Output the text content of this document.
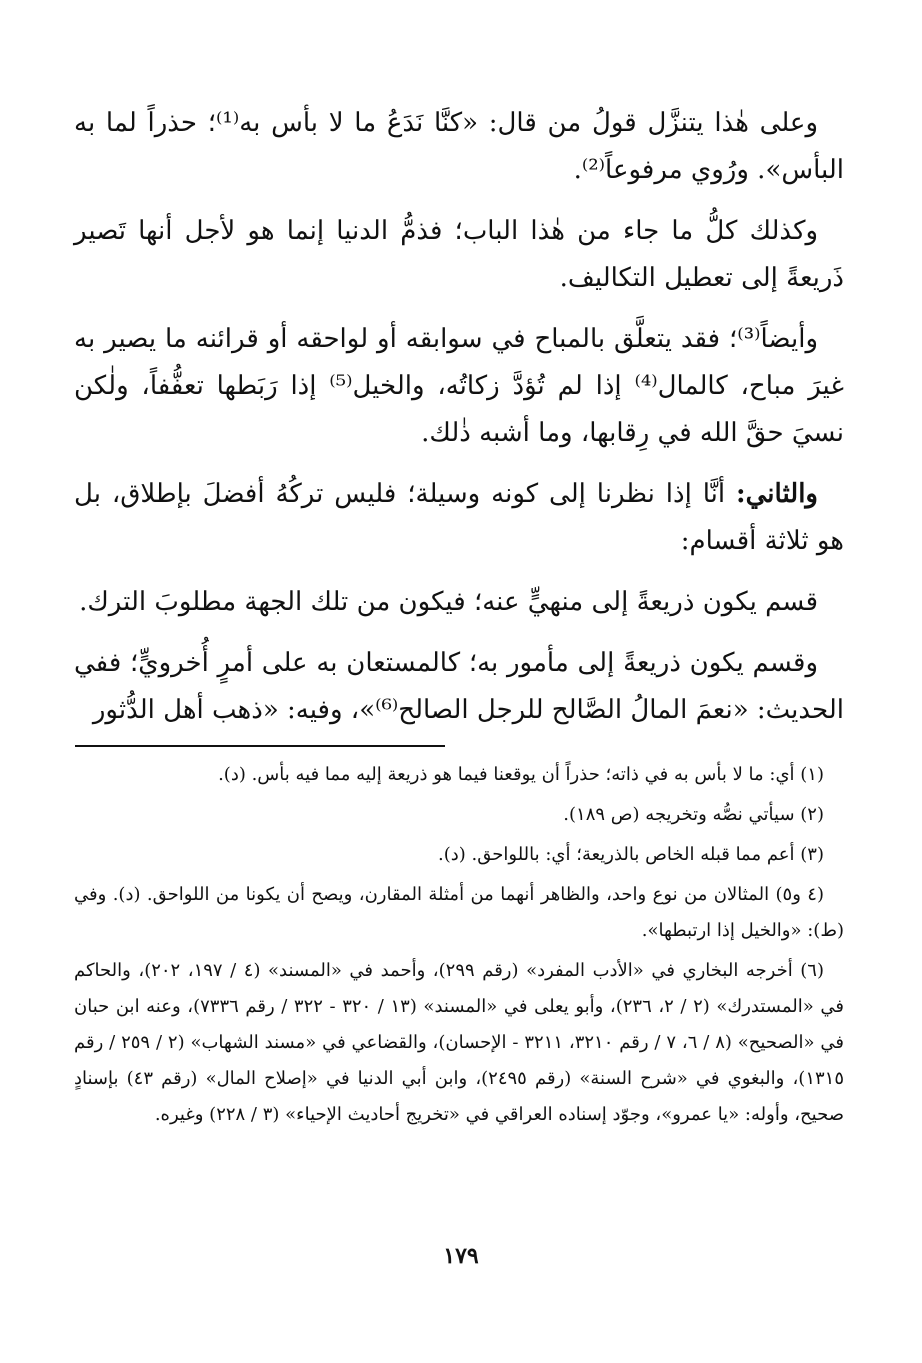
وعلى هٰذا يتنزَّل قولُ من قال: «كنَّا نَدَعُ ما لا بأس به⁽¹⁾؛ حذراً لما به البأس». ورُوي مرفوعاً⁽²⁾.

وكذلك كلُّ ما جاء من هٰذا الباب؛ فذمُّ الدنيا إنما هو لأجل أنها تَصير ذَريعةً إلى تعطيل التكاليف.

وأيضاً⁽³⁾؛ فقد يتعلَّق بالمباح في سوابقه أو لواحقه أو قرائنه ما يصير به غيرَ مباح، كالمال⁽⁴⁾ إذا لم تُؤدَّ زكاتُه، والخيل⁽⁵⁾ إذا رَبَطها تعفُّفاً، ولٰكن نسيَ حقَّ الله في رِقابها، وما أشبه ذٰلك.

والثاني: أنَّا إذا نظرنا إلى كونه وسيلة؛ فليس تركُهُ أفضلَ بإطلاق، بل هو ثلاثة أقسام:

قسم يكون ذريعةً إلى منهيٍّ عنه؛ فيكون من تلك الجهة مطلوبَ الترك.

وقسم يكون ذريعةً إلى مأمور به؛ كالمستعان به على أمرٍ أُخرويٍّ؛ ففي الحديث: «نعمَ المالُ الصَّالح للرجل الصالح⁽⁶⁾»، وفيه: «ذهب أهل الدُّثور

(١) أي: ما لا بأس به في ذاته؛ حذراً أن يوقعنا فيما هو ذريعة إليه مما فيه بأس. (د).

(٢) سيأتي نصُّه وتخريجه (ص ١٨٩).

(٣) أعم مما قبله الخاص بالذريعة؛ أي: باللواحق. (د).

(٤ و٥) المثالان من نوع واحد، والظاهر أنهما من أمثلة المقارن، ويصح أن يكونا من اللواحق. (د). وفي (ط): «والخيل إذا ارتبطها».

(٦) أخرجه البخاري في «الأدب المفرد» (رقم ٢٩٩)، وأحمد في «المسند» (٤ / ١٩٧، ٢٠٢)، والحاكم في «المستدرك» (٢ / ٢، ٢٣٦)، وأبو يعلى في «المسند» (١٣ / ٣٢٠ - ٣٢٢ / رقم ٧٣٣٦)، وعنه ابن حبان في «الصحيح» (٨ / ٦، ٧ / رقم ٣٢١٠، ٣٢١١ - الإحسان)، والقضاعي في «مسند الشهاب» (٢ / ٢٥٩ / رقم ١٣١٥)، والبغوي في «شرح السنة» (رقم ٢٤٩٥)، وابن أبي الدنيا في «إصلاح المال» (رقم ٤٣) بإسنادٍ صحيح، وأوله: «يا عمرو»، وجوّد إسناده العراقي في «تخريج أحاديث الإحياء» (٣ / ٢٢٨) وغيره.

١٧٩
